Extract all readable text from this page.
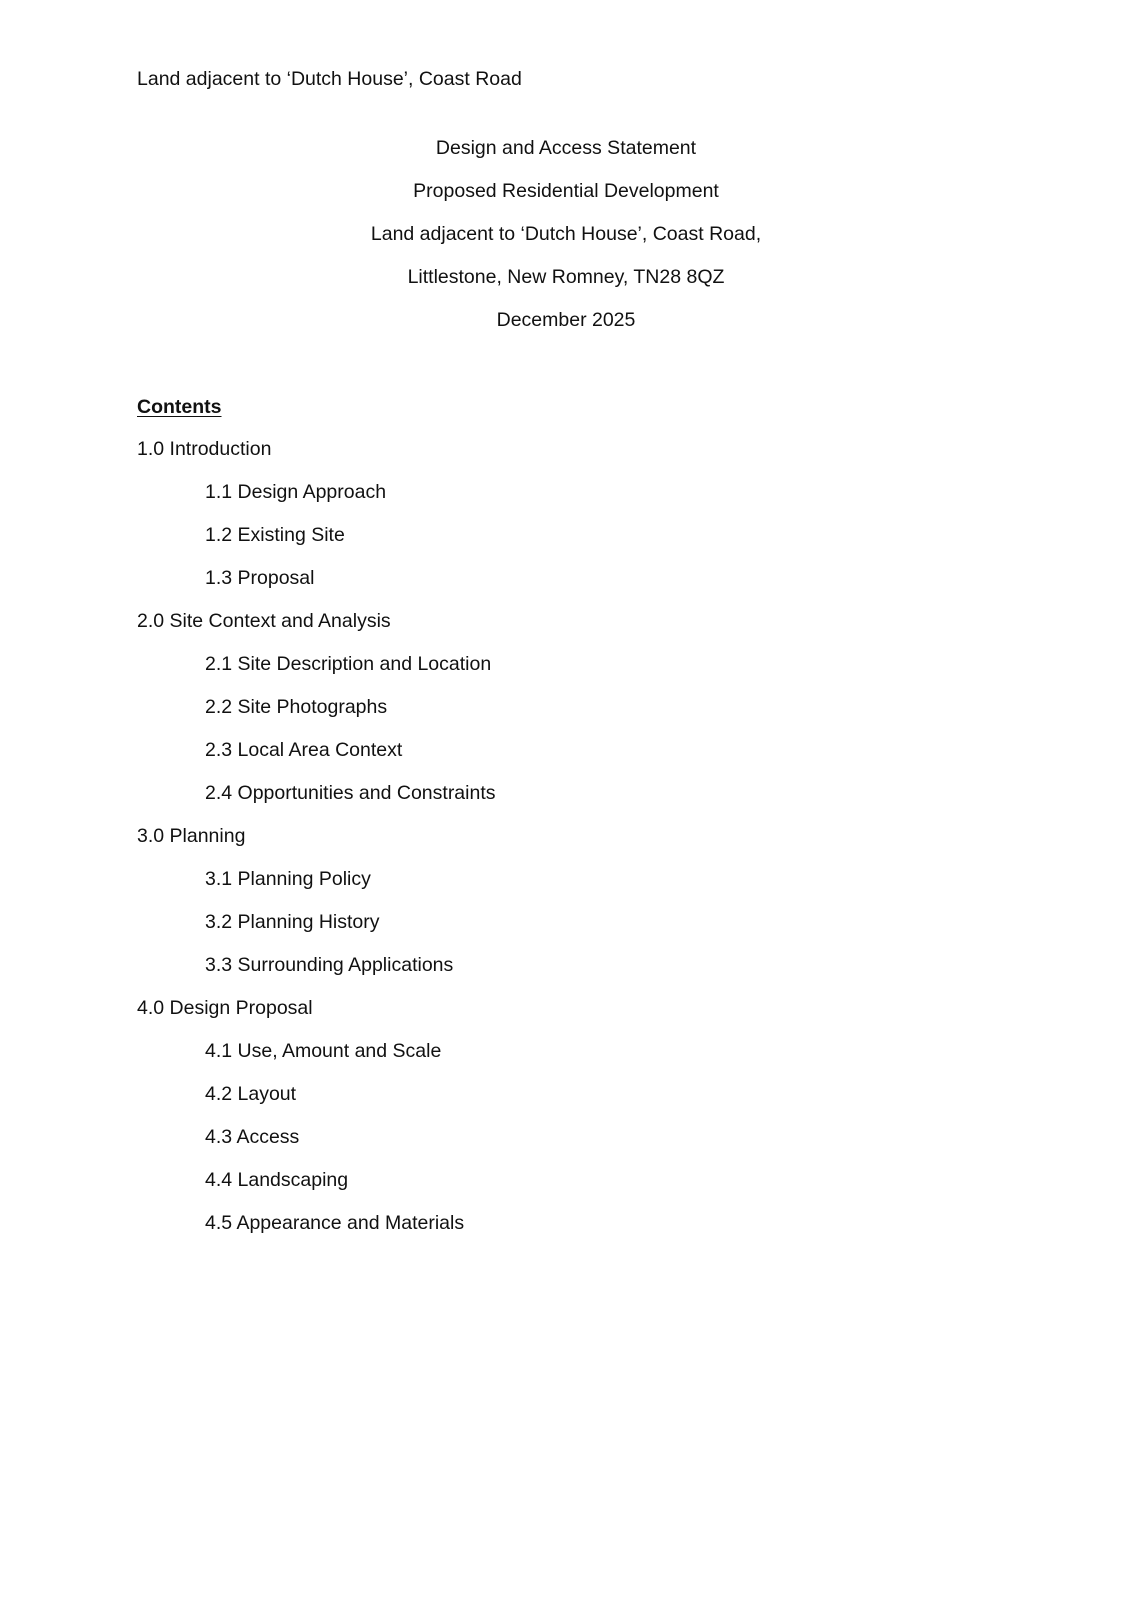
Land adjacent to ‘Dutch House’, Coast Road
Design and Access Statement
Proposed Residential Development
Land adjacent to ‘Dutch House’, Coast Road,
Littlestone, New Romney, TN28 8QZ
December 2025
Contents
1.0 Introduction
1.1 Design Approach
1.2 Existing Site
1.3 Proposal
2.0 Site Context and Analysis
2.1 Site Description and Location
2.2 Site Photographs
2.3 Local Area Context
2.4 Opportunities and Constraints
3.0 Planning
3.1 Planning Policy
3.2 Planning History
3.3 Surrounding Applications
4.0 Design Proposal
4.1 Use, Amount and Scale
4.2 Layout
4.3 Access
4.4 Landscaping
4.5 Appearance and Materials
